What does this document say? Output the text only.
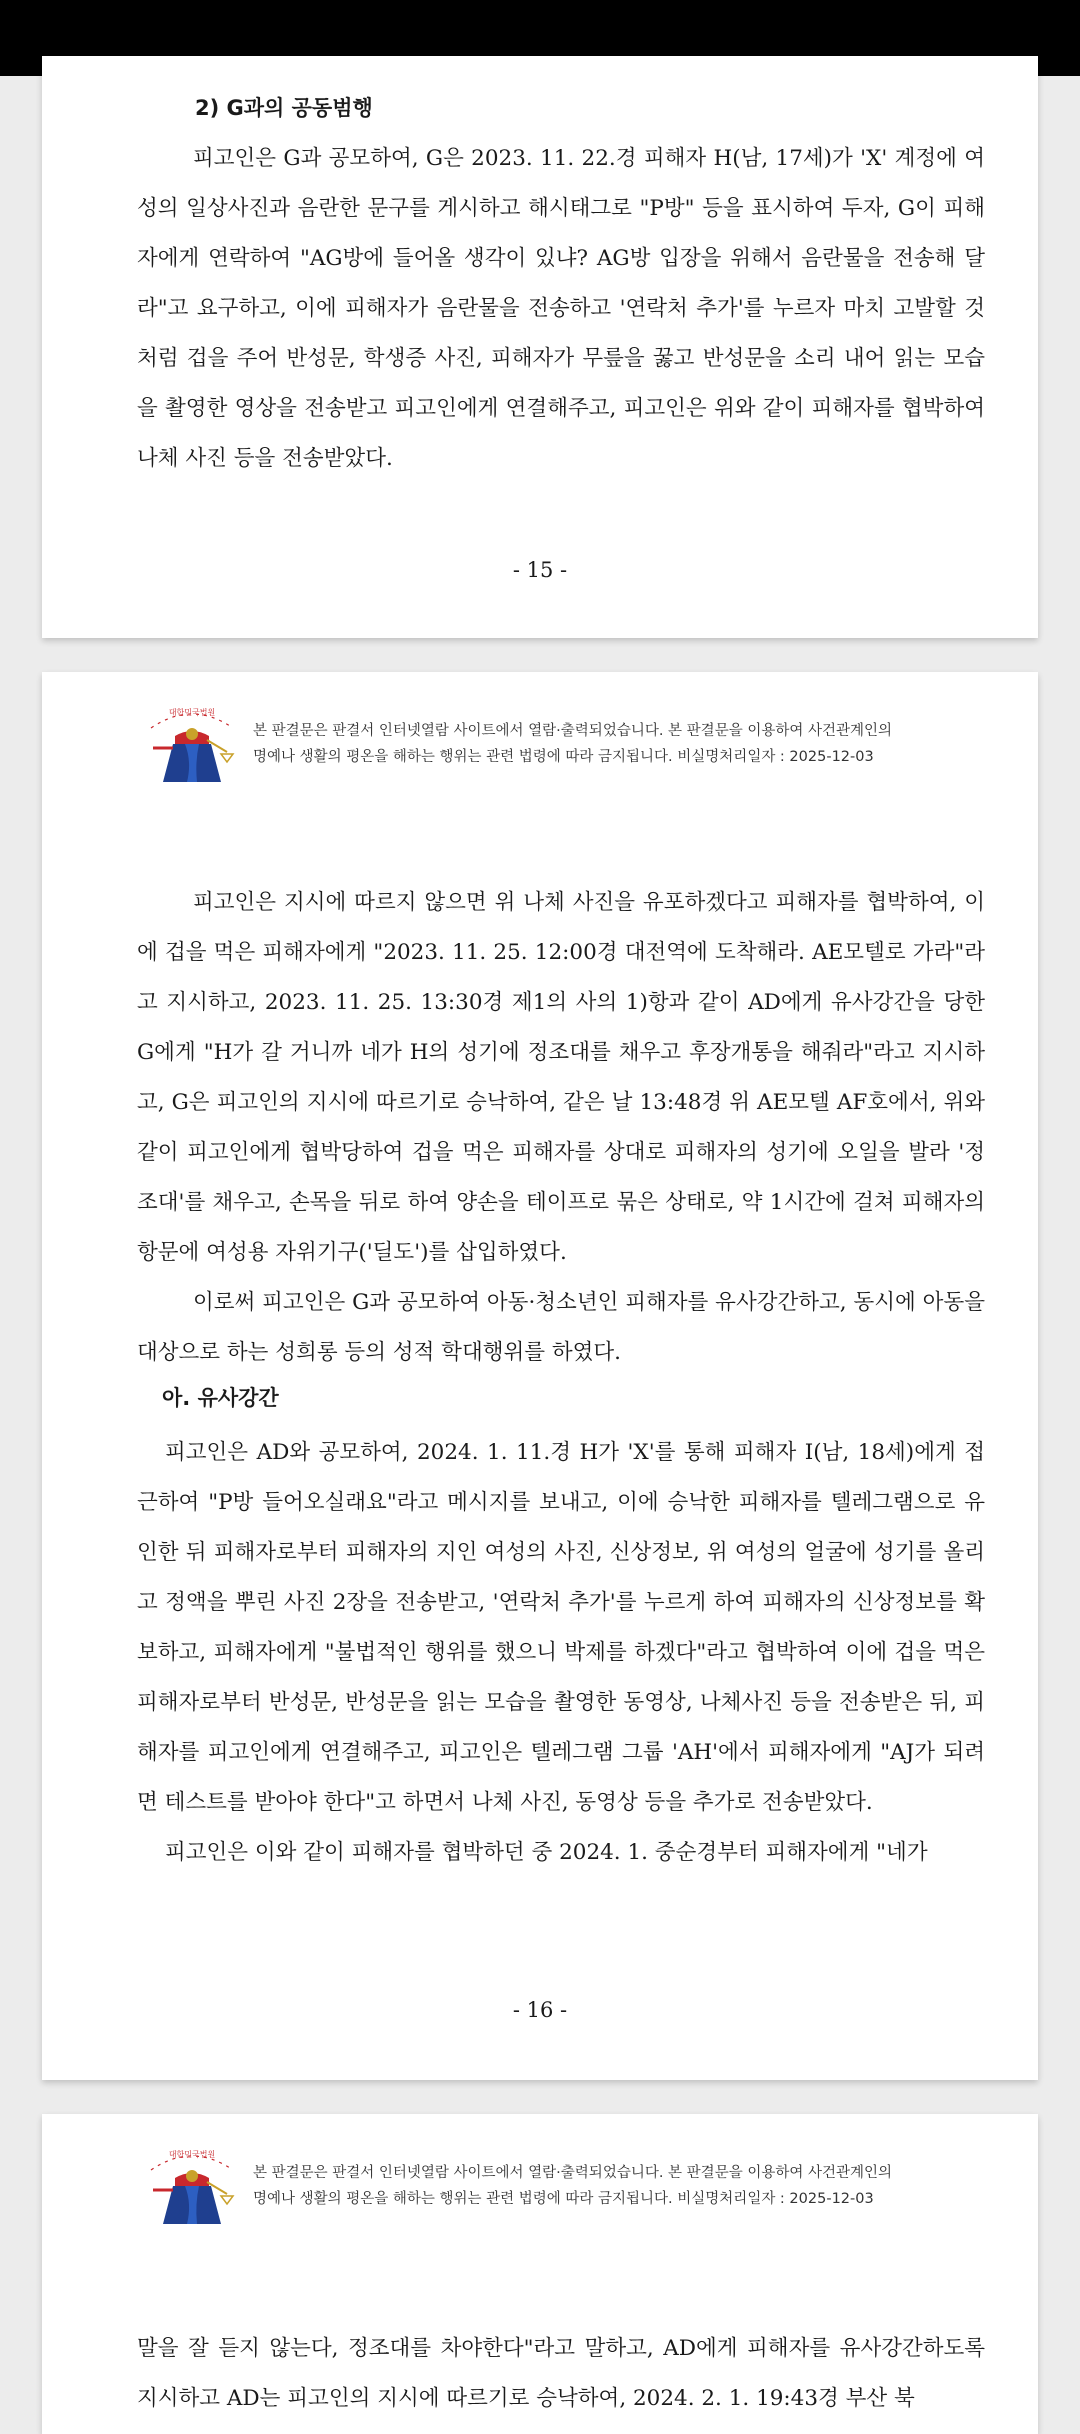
2) G과의 공동범행

피고인은 G과 공모하여, G은 2023. 11. 22.경 피해자 H(남, 17세)가 'X' 계정에 여성의 일상사진과 음란한 문구를 게시하고 해시태그로 "P방" 등을 표시하여 두자, G이 피해자에게 연락하여 "AG방에 들어올 생각이 있냐? AG방 입장을 위해서 음란물을 전송해 달라"고 요구하고, 이에 피해자가 음란물을 전송하고 '연락처 추가'를 누르자 마치 고발할 것처럼 겁을 주어 반성문, 학생증 사진, 피해자가 무릎을 꿇고 반성문을 소리 내어 읽는 모습을 촬영한 영상을 전송받고 피고인에게 연결해주고, 피고인은 위와 같이 피해자를 협박하여 나체 사진 등을 전송받았다.

- 15 -
대한민국법원
본 판결문은 판결서 인터넷열람 사이트에서 열람·출력되었습니다. 본 판결문을 이용하여 사건관계인의
명예나 생활의 평온을 해하는 행위는 관련 법령에 따라 금지됩니다. 비실명처리일자 : 2025-12-03

피고인은 지시에 따르지 않으면 위 나체 사진을 유포하겠다고 피해자를 협박하여, 이에 겁을 먹은 피해자에게 "2023. 11. 25. 12:00경 대전역에 도착해라. AE모텔로 가라"라고 지시하고, 2023. 11. 25. 13:30경 제1의 사의 1)항과 같이 AD에게 유사강간을 당한 G에게 "H가 갈 거니까 네가 H의 성기에 정조대를 채우고 후장개통을 해줘라"라고 지시하고, G은 피고인의 지시에 따르기로 승낙하여, 같은 날 13:48경 위 AE모텔 AF호에서, 위와 같이 피고인에게 협박당하여 겁을 먹은 피해자를 상대로 피해자의 성기에 오일을 발라 '정조대'를 채우고, 손목을 뒤로 하여 양손을 테이프로 묶은 상태로, 약 1시간에 걸쳐 피해자의 항문에 여성용 자위기구('딜도')를 삽입하였다.

이로써 피고인은 G과 공모하여 아동·청소년인 피해자를 유사강간하고, 동시에 아동을 대상으로 하는 성희롱 등의 성적 학대행위를 하였다.

아. 유사강간

피고인은 AD와 공모하여, 2024. 1. 11.경 H가 'X'를 통해 피해자 I(남, 18세)에게 접근하여 "P방 들어오실래요"라고 메시지를 보내고, 이에 승낙한 피해자를 텔레그램으로 유인한 뒤 피해자로부터 피해자의 지인 여성의 사진, 신상정보, 위 여성의 얼굴에 성기를 올리고 정액을 뿌린 사진 2장을 전송받고, '연락처 추가'를 누르게 하여 피해자의 신상정보를 확보하고, 피해자에게 "불법적인 행위를 했으니 박제를 하겠다"라고 협박하여 이에 겁을 먹은 피해자로부터 반성문, 반성문을 읽는 모습을 촬영한 동영상, 나체사진 등을 전송받은 뒤, 피해자를 피고인에게 연결해주고, 피고인은 텔레그램 그룹 'AH'에서 피해자에게 "AJ가 되려면 테스트를 받아야 한다"고 하면서 나체 사진, 동영상 등을 추가로 전송받았다.

피고인은 이와 같이 피해자를 협박하던 중 2024. 1. 중순경부터 피해자에게 "네가

- 16 -
대한민국법원
본 판결문은 판결서 인터넷열람 사이트에서 열람·출력되었습니다. 본 판결문을 이용하여 사건관계인의
명예나 생활의 평온을 해하는 행위는 관련 법령에 따라 금지됩니다. 비실명처리일자 : 2025-12-03

말을 잘 듣지 않는다, 정조대를 차야한다"라고 말하고, AD에게 피해자를 유사강간하도록 지시하고 AD는 피고인의 지시에 따르기로 승낙하여, 2024. 2. 1. 19:43경 부산 북
